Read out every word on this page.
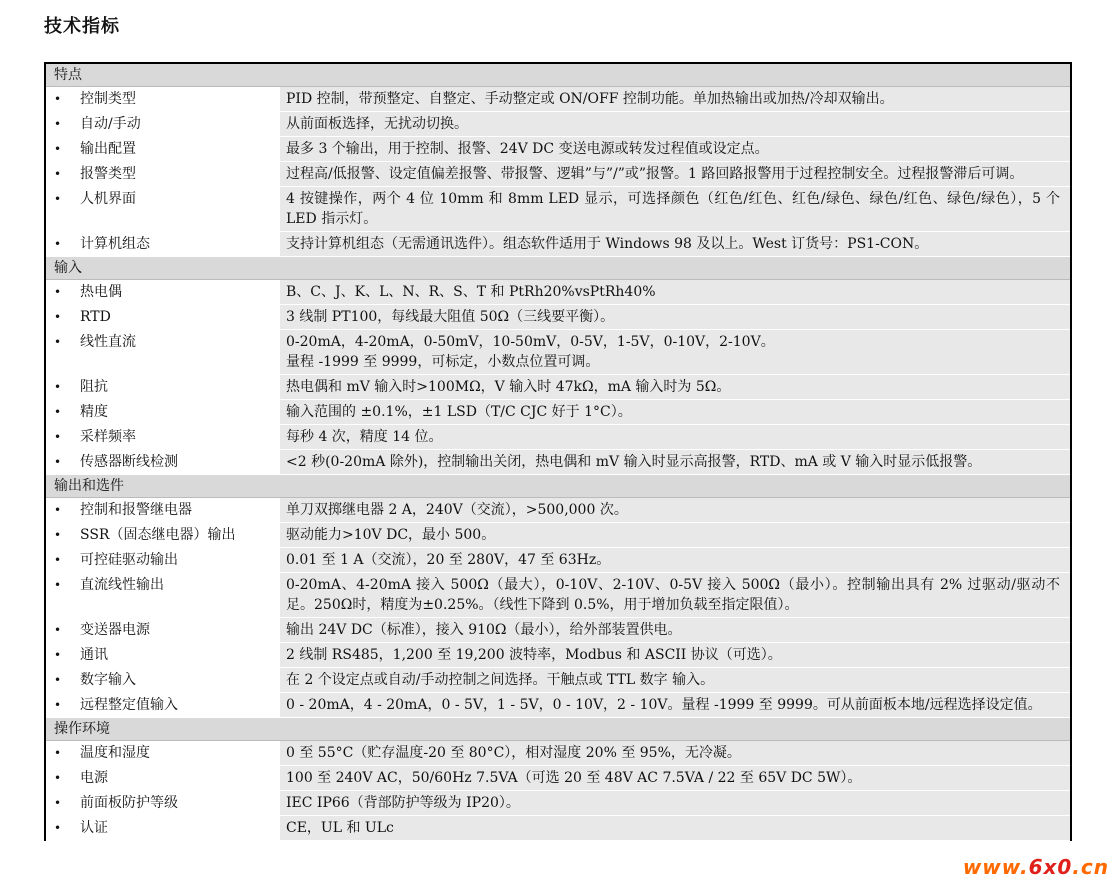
技术指标
特点
•	控制类型	PID 控制，带预整定、自整定、手动整定或 ON/OFF 控制功能。单加热输出或加热/冷却双输出。
•	自动/手动	从前面板选择，无扰动切换。
•	输出配置	最多 3 个输出，用于控制、报警、24V DC 变送电源或转发过程值或设定点。
•	报警类型	过程高/低报警、设定值偏差报警、带报警、逻辑”与”/”或”报警。1 路回路报警用于过程控制安全。过程报警滞后可调。
•	人机界面	4 按键操作，两个 4 位 10mm 和 8mm LED 显示，可选择颜色（红色/红色、红色/绿色、绿色/红色、绿色/绿色），5 个 LED 指示灯。
•	计算机组态	支持计算机组态（无需通讯选件）。组态软件适用于 Windows 98 及以上。West 订货号：PS1-CON。
输入
•	热电偶	B、C、J、K、L、N、R、S、T 和 PtRh20%vsPtRh40%
•	RTD	3 线制 PT100，每线最大阻值 50Ω（三线要平衡）。
•	线性直流	0-20mA，4-20mA，0-50mV，10-50mV，0-5V，1-5V，0-10V，2-10V。
量程 -1999 至 9999，可标定，小数点位置可调。
•	阻抗	热电偶和 mV 输入时>100MΩ，V 输入时 47kΩ，mA 输入时为 5Ω。
•	精度	输入范围的 ±0.1%，±1 LSD（T/C CJC 好于 1°C）。
•	采样频率	每秒 4 次，精度 14 位。
•	传感器断线检测	<2 秒(0-20mA 除外)，控制输出关闭，热电偶和 mV 输入时显示高报警，RTD、mA 或 V 输入时显示低报警。
输出和选件
•	控制和报警继电器	单刀双掷继电器 2 A，240V（交流），>500,000 次。
•	SSR（固态继电器）输出	驱动能力>10V DC，最小 500。
•	可控硅驱动输出	0.01 至 1 A（交流），20 至 280V，47 至 63Hz。
•	直流线性输出	0-20mA、4-20mA 接入 500Ω（最大），0-10V、2-10V、0-5V 接入 500Ω（最小）。控制输出具有 2% 过驱动/驱动不足。250Ω时，精度为±0.25%。（线性下降到 0.5%，用于增加负载至指定限值）。
•	变送器电源	输出 24V DC（标准），接入 910Ω（最小），给外部装置供电。
•	通讯	2 线制 RS485，1,200 至 19,200 波特率，Modbus 和 ASCII 协议（可选）。
•	数字输入	在 2 个设定点或自动/手动控制之间选择。干触点或 TTL 数字 输入。
•	远程整定值输入	0 - 20mA，4 - 20mA，0 - 5V，1 - 5V，0 - 10V，2 - 10V。量程 -1999 至 9999。可从前面板本地/远程选择设定值。
操作环境
•	温度和湿度	0 至 55°C（贮存温度-20 至 80°C），相对湿度 20% 至 95%，无冷凝。
•	电源	100 至 240V AC，50/60Hz 7.5VA（可选 20 至 48V AC 7.5VA / 22 至 65V DC 5W）。
•	前面板防护等级	IEC IP66（背部防护等级为 IP20）。
•	认证	CE，UL 和 ULc
www.6x0.cn
